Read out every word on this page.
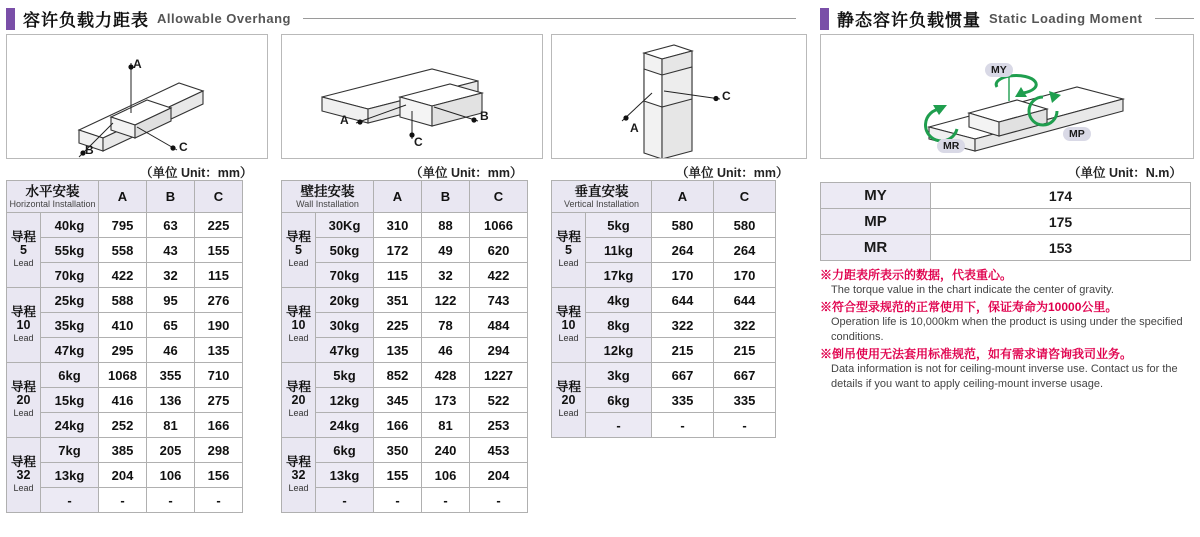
容许负载力距表 Allowable Overhang	静态容许负载惯量 Static Loading Moment
A
B	C
（单位 Unit：mm）
A	B
C
（单位 Unit：mm）
A
C
（单位 Unit：mm）
MY
MP
MR
（单位 Unit：N.m）
水平安装
Horizontal Installation		A	B	C

导程
5
Lead	40kg	795	63	225
	55kg	558	43	155
	70kg	422	32	115

导程
10
Lead	25kg	588	95	276
	35kg	410	65	190
	47kg	295	46	135

导程
20
Lead	6kg	1068	355	710
	15kg	416	136	275
	24kg	252	81	166

导程
32
Lead	7kg	385	205	298
	13kg	204	106	156
	-	-	-	-
壁挂安装
Wall Installation		A	B	C

导程
5
Lead	30Kg	310	88	1066
	50kg	172	49	620
	70kg	115	32	422

导程
10
Lead	20kg	351	122	743
	30kg	225	78	484
	47kg	135	46	294

导程
20
Lead	5kg	852	428	1227
	12kg	345	173	522
	24kg	166	81	253

导程
32
Lead	6kg	350	240	453
	13kg	155	106	204
	-	-	-	-
垂直安装
Vertical Installation		A	C

导程
5
Lead	5kg	580	580
	11kg	264	264
	17kg	170	170

导程
10
Lead	4kg	644	644
	8kg	322	322
	12kg	215	215

导程
20
Lead	3kg	667	667
	6kg	335	335
	-	-	-
MY	174
MP	175
MR	153
※力距表所表示的数据，代表重心。
The torque value in the chart indicate the center of gravity.
※符合型录规范的正常使用下，保证寿命为10000公里。
Operation life is 10,000km when the product is using under the specified conditions.
※倒吊使用无法套用标准规范，如有需求请咨询我司业务。
Data information is not for ceiling-mount inverse use. Contact us for the details if you want to apply ceiling-mount inverse usage.
